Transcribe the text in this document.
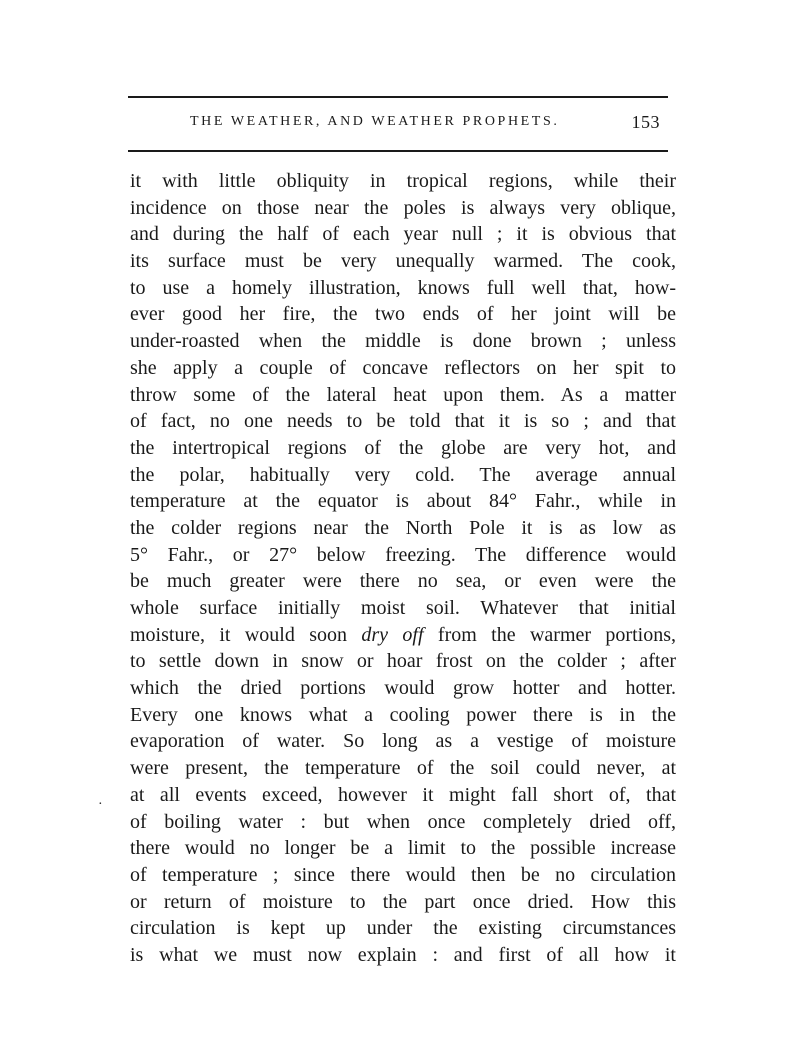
THE WEATHER, AND WEATHER PROPHETS.	153
it with little obliquity in tropical regions, while their
incidence on those near the poles is always very oblique,
and during the half of each year null ; it is obvious that
its surface must be very unequally warmed. The cook,
to use a homely illustration, knows full well that, how-
ever good her fire, the two ends of her joint will be
under-roasted when the middle is done brown ; unless
she apply a couple of concave reflectors on her spit to
throw some of the lateral heat upon them. As a matter
of fact, no one needs to be told that it is so ; and that
the intertropical regions of the globe are very hot, and
the polar, habitually very cold. The average annual
temperature at the equator is about 84° Fahr., while in
the colder regions near the North Pole it is as low as
5° Fahr., or 27° below freezing. The difference would
be much greater were there no sea, or even were the
whole surface initially moist soil. Whatever that initial
moisture, it would soon dry off from the warmer portions,
to settle down in snow or hoar frost on the colder ; after
which the dried portions would grow hotter and hotter.
Every one knows what a cooling power there is in the
evaporation of water. So long as a vestige of moisture
were present, the temperature of the soil could never, at
at all events exceed, however it might fall short of, that
of boiling water : but when once completely dried off,
there would no longer be a limit to the possible increase
of temperature ; since there would then be no circulation
or return of moisture to the part once dried. How this
circulation is kept up under the existing circumstances
is what we must now explain : and first of all how it
·
